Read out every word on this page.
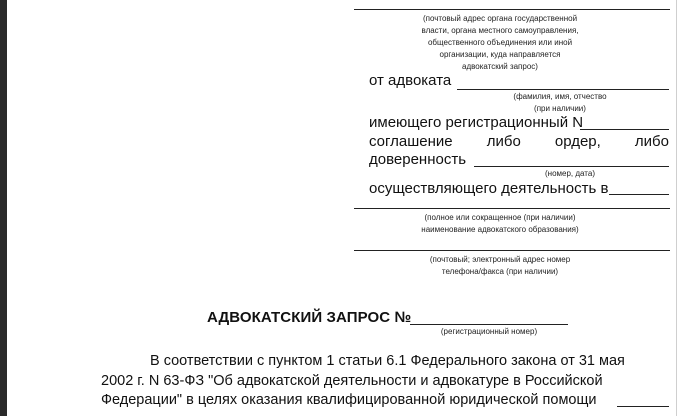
(почтовый адрес органа государственной
власти, органа местного самоуправления,
общественного объединения или иной
организации, куда направляется
адвокатский запрос)
от адвоката
(фамилия, имя, отчество
(при наличии)
имеющего регистрационный N
соглашение либо ордер, либо
доверенность
(номер, дата)
осуществляющего деятельность в
(полное или сокращенное (при наличии)
наименование адвокатского образования)
(почтовый; электронный адрес номер
телефона/факса (при наличии)
АДВОКАТСКИЙ ЗАПРОС №
(регистрационный номер)
В соответствии с пунктом 1 статьи 6.1 Федерального закона от 31 мая
2002 г. N 63-ФЗ "Об адвокатской деятельности и адвокатуре в Российской
Федерации" в целях оказания квалифицированной юридической помощи
